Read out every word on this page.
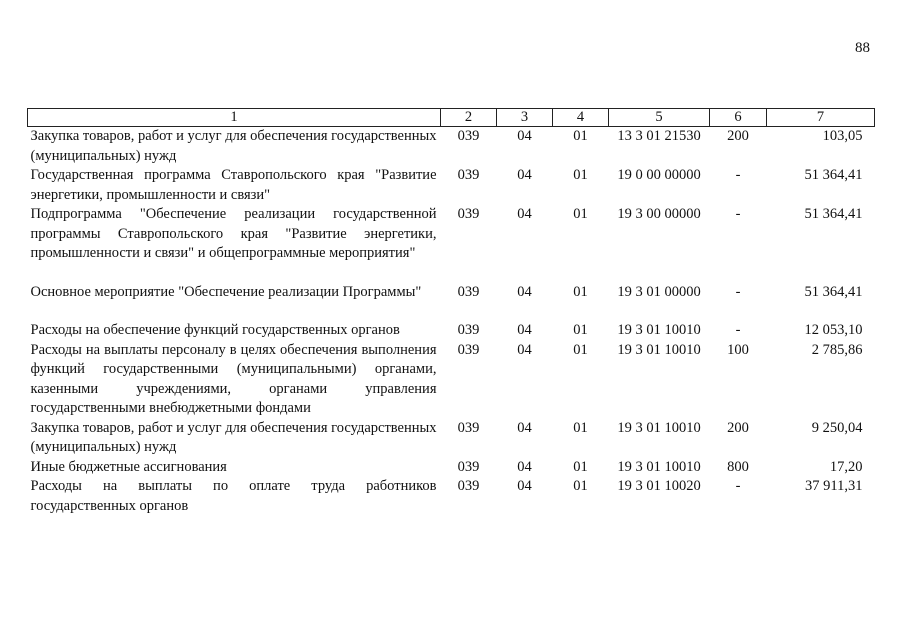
88
1	2	3	4	5	6	7
Закупка товаров, работ и услуг для обеспечения государственных (муниципальных) нужд	039	04	01	13 3 01 21530	200	103,05
Государственная программа Ставропольского края "Развитие энергетики, промышленности и связи"	039	04	01	19 0 00 00000	-	51 364,41
Подпрограмма "Обеспечение реализации государственной программы Ставропольского края "Развитие энергетики, промышленности и связи" и общепрограммные мероприятия"	039	04	01	19 3 00 00000	-	51 364,41
Основное мероприятие "Обеспечение реализации Программы"	039	04	01	19 3 01 00000	-	51 364,41
Расходы на обеспечение функций государственных органов	039	04	01	19 3 01 10010	-	12 053,10
Расходы на выплаты персоналу в целях обеспечения выполнения функций государственными (муниципальными) органами, казенными учреждениями, органами управления государственными внебюджетными фондами	039	04	01	19 3 01 10010	100	2 785,86
Закупка товаров, работ и услуг для обеспечения государственных (муниципальных) нужд	039	04	01	19 3 01 10010	200	9 250,04
Иные бюджетные ассигнования	039	04	01	19 3 01 10010	800	17,20
Расходы на выплаты по оплате труда работников государственных органов	039	04	01	19 3 01 10020	-	37 911,31
